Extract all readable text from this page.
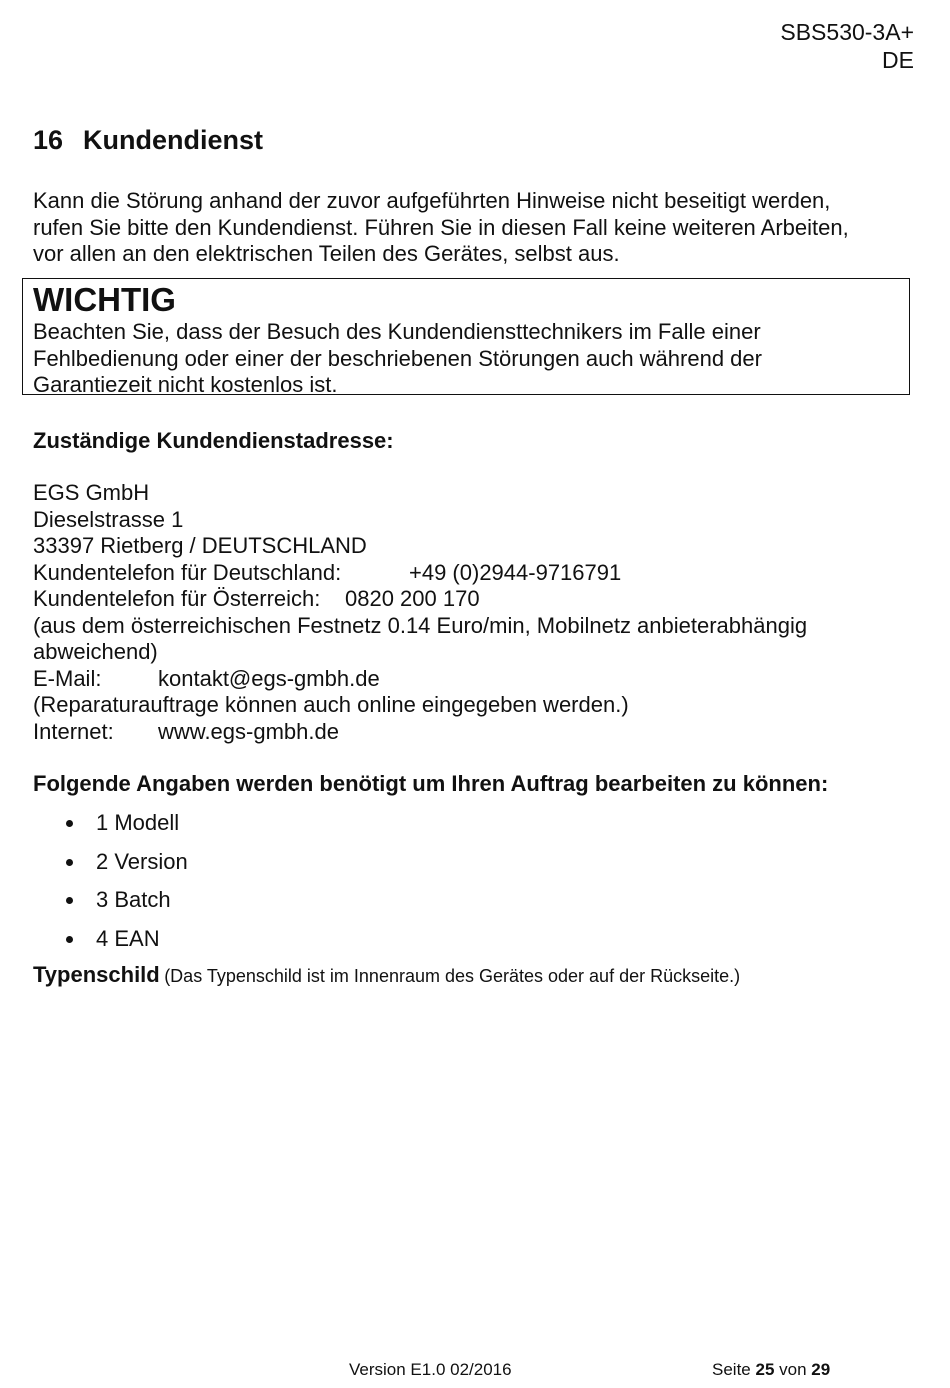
SBS530-3A+
DE
16 Kundendienst
Kann die Störung anhand der zuvor aufgeführten Hinweise nicht beseitigt werden,
rufen Sie bitte den Kundendienst. Führen Sie in diesen Fall keine weiteren Arbeiten,
vor allen an den elektrischen Teilen des Gerätes, selbst aus.
WICHTIG
Beachten Sie, dass der Besuch des Kundendiensttechnikers im Falle einer
Fehlbedienung oder einer der beschriebenen Störungen auch während der
Garantiezeit nicht kostenlos ist.
Zuständige Kundendienstadresse:
EGS GmbH
Dieselstrasse 1
33397 Rietberg / DEUTSCHLAND
Kundentelefon für Deutschland:	+49 (0)2944-9716791
Kundentelefon für Österreich: 0820 200 170
(aus dem österreichischen Festnetz 0.14 Euro/min, Mobilnetz anbieterabhängig
abweichend)
E-Mail:	kontakt@egs-gmbh.de
(Reparaturauftrage können auch online eingegeben werden.)
Internet: www.egs-gmbh.de
Folgende Angaben werden benötigt um Ihren Auftrag bearbeiten zu können:
1 Modell
2 Version
3 Batch
4 EAN
Typenschild (Das Typenschild ist im Innenraum des Gerätes oder auf der Rückseite.)
Version E1.0 02/2016	Seite 25 von 29
